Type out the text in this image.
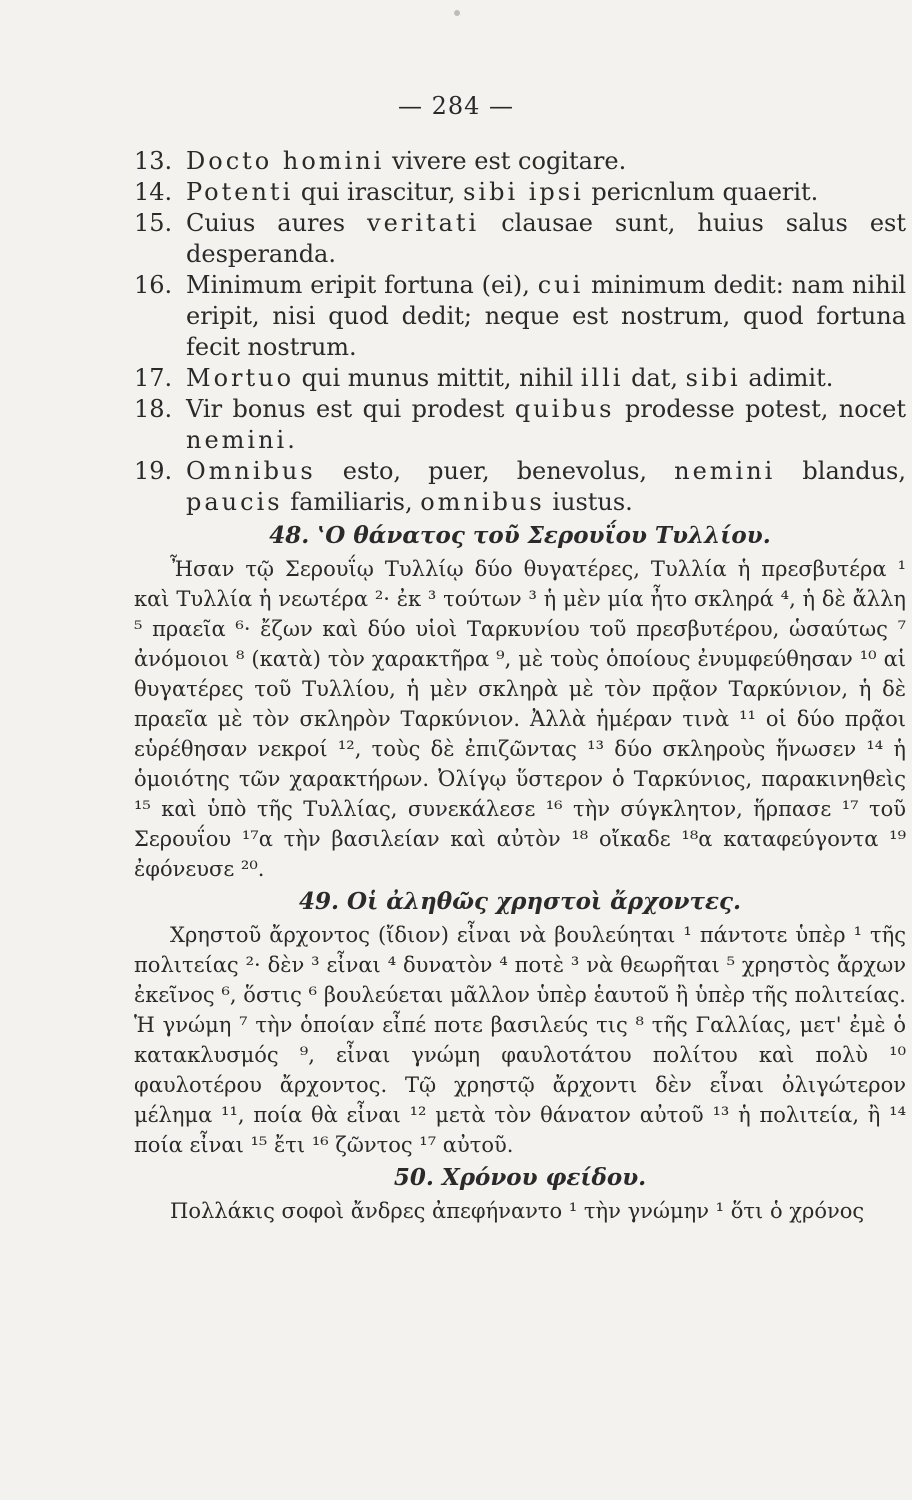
— 284 —
13. Docto homini vivere est cogitare.
14. Potenti qui irascitur, sibi ipsi pericnlum quaerit.
15. Cuius aures veritati clausae sunt, huius salus est desperanda.
16. Minimum eripit fortuna (ei), cui minimum dedit: nam nihil eripit, nisi quod dedit; neque est nostrum, quod fortuna fecit nostrum.
17. Mortuo qui munus mittit, nihil illi dat, sibi adimit.
18. Vir bonus est qui prodest quibus prodesse potest, nocet nemini.
19. Omnibus esto, puer, benevolus, nemini blandus, paucis familiaris, omnibus iustus.
48. ‛Ο θάνατος τοῦ Σερουΐου Τυλλίου.
Ἦσαν τῷ Σερουΐῳ Τυλλίῳ δύο θυγατέρες, Τυλλία ἡ πρεσβυτέρα ¹ καὶ Τυλλία ἡ νεωτέρα ²· ἐκ ³ τούτων ³ ἡ μὲν μία ἦτο σκληρά ⁴, ἡ δὲ ἄλλη ⁵ πραεῖα ⁶· ἔζων καὶ δύο υἱοὶ Ταρκυνίου τοῦ πρεσβυτέρου, ὡσαύτως ⁷ ἀνόμοιοι ⁸ (κατὰ) τὸν χαρακτῆρα ⁹, μὲ τοὺς ὁποίους ἐνυμφεύθησαν ¹⁰ αἱ θυγατέρες τοῦ Τυλλίου, ἡ μὲν σκληρὰ μὲ τὸν πρᾷον Ταρκύνιον, ἡ δὲ πραεῖα μὲ τὸν σκληρὸν Ταρκύνιον. Ἀλλὰ ἡμέραν τινὰ ¹¹ οἱ δύο πρᾷοι εὑρέθησαν νεκροί ¹², τοὺς δὲ ἐπιζῶντας ¹³ δύο σκληροὺς ἥνωσεν ¹⁴ ἡ ὁμοιότης τῶν χαρακτήρων. Ὀλίγῳ ὕστερον ὁ Ταρκύνιος, παρακινηθεὶς ¹⁵ καὶ ὑπὸ τῆς Τυλλίας, συνεκάλεσε ¹⁶ τὴν σύγκλητον, ἥρπασε ¹⁷ τοῦ Σερουΐου ¹⁷α τὴν βασιλείαν καὶ αὐτὸν ¹⁸ οἴκαδε ¹⁸α καταφεύγοντα ¹⁹ ἐφόνευσε ²⁰.
49. Οἱ ἀληθῶς χρηστοὶ ἄρχοντες.
Χρηστοῦ ἄρχοντος (ἴδιον) εἶναι νὰ βουλεύηται ¹ πάντοτε ὑπὲρ ¹ τῆς πολιτείας ²· δὲν ³ εἶναι ⁴ δυνατὸν ⁴ ποτὲ ³ νὰ θεωρῆται ⁵ χρηστὸς ἄρχων ἐκεῖνος ⁶, ὅστις ⁶ βουλεύεται μᾶλλον ὑπὲρ ἑαυτοῦ ἢ ὑπὲρ τῆς πολιτείας. Ἡ γνώμη ⁷ τὴν ὁποίαν εἶπέ ποτε βασιλεύς τις ⁸ τῆς Γαλλίας, μετ' ἐμὲ ὁ κατακλυσμός ⁹, εἶναι γνώμη φαυλοτάτου πολίτου καὶ πολὺ ¹⁰ φαυλοτέρου ἄρχοντος. Τῷ χρηστῷ ἄρχοντι δὲν εἶναι ὀλιγώτερον μέλημα ¹¹, ποία θὰ εἶναι ¹² μετὰ τὸν θάνατον αὐτοῦ ¹³ ἡ πολιτεία, ἢ ¹⁴ ποία εἶναι ¹⁵ ἔτι ¹⁶ ζῶντος ¹⁷ αὐτοῦ.
50. Χρόνου φείδου.
Πολλάκις σοφοὶ ἄνδρες ἀπεφήναντο ¹ τὴν γνώμην ¹ ὅτι ὁ χρόνος
